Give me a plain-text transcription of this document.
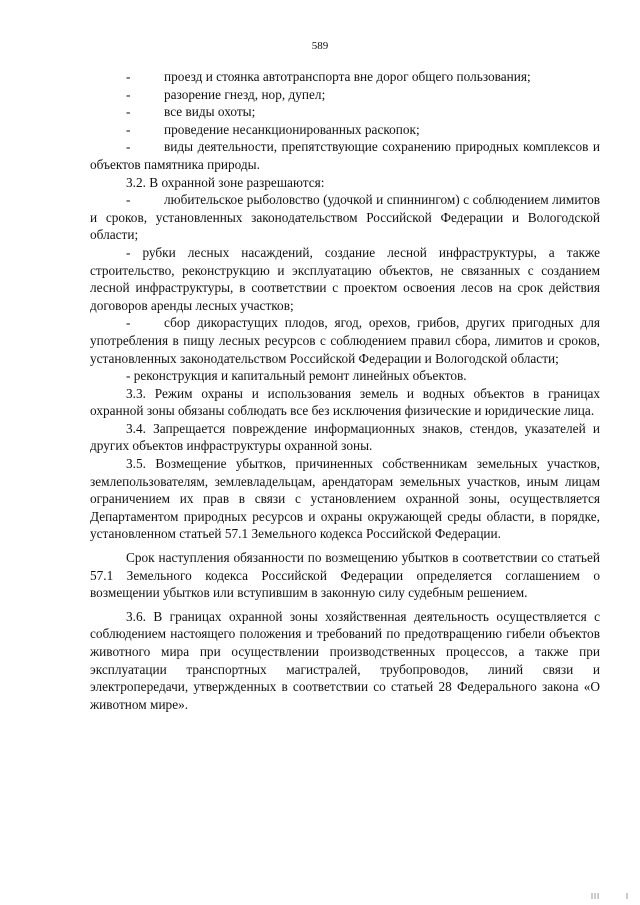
589
-	проезд и стоянка автотранспорта вне дорог общего пользования;
-	разорение гнезд, нор, дупел;
-	все виды охоты;
-	проведение несанкционированных раскопок;

-	виды деятельности, препятствующие сохранению природных комплексов и объектов памятника природы.

3.2. В охранной зоне разрешаются:

-	любительское рыболовство (удочкой и спиннингом) с соблюдением лимитов и сроков, установленных законодательством Российской Федерации и Вологодской области;

- рубки лесных насаждений, создание лесной инфраструктуры, а также строительство, реконструкцию и эксплуатацию объектов, не связанных с созданием лесной инфраструктуры, в соответствии с проектом освоения лесов на срок действия договоров аренды лесных участков;

-	сбор дикорастущих плодов, ягод, орехов, грибов, других пригодных для употребления в пищу лесных ресурсов с соблюдением правил сбора, лимитов и сроков, установленных законодательством Российской Федерации и Вологодской области;

- реконструкция и капитальный ремонт линейных объектов.

3.3. Режим охраны и использования земель и водных объектов в границах охранной зоны обязаны соблюдать все без исключения физические и юридические лица.

3.4. Запрещается повреждение информационных знаков, стендов, указателей и других объектов инфраструктуры охранной зоны.

3.5. Возмещение убытков, причиненных собственникам земельных участков, землепользователям, землевладельцам, арендаторам земельных участков, иным лицам ограничением их прав в связи с установлением охранной зоны, осуществляется Департаментом природных ресурсов и охраны окружающей среды области, в порядке, установленном статьей 57.1 Земельного кодекса Российской Федерации.

Срок наступления обязанности по возмещению убытков в соответствии со статьей 57.1 Земельного кодекса Российской Федерации определяется соглашением о возмещении убытков или вступившим в законную силу судебным решением.

3.6. В границах охранной зоны хозяйственная деятельность осуществляется с соблюдением настоящего положения и требований по предотвращению гибели объектов животного мира при осуществлении производственных процессов, а также при эксплуатации транспортных магистралей, трубопроводов, линий связи и электропередачи, утвержденных в соответствии со статьей 28 Федерального закона «О животном мире».
